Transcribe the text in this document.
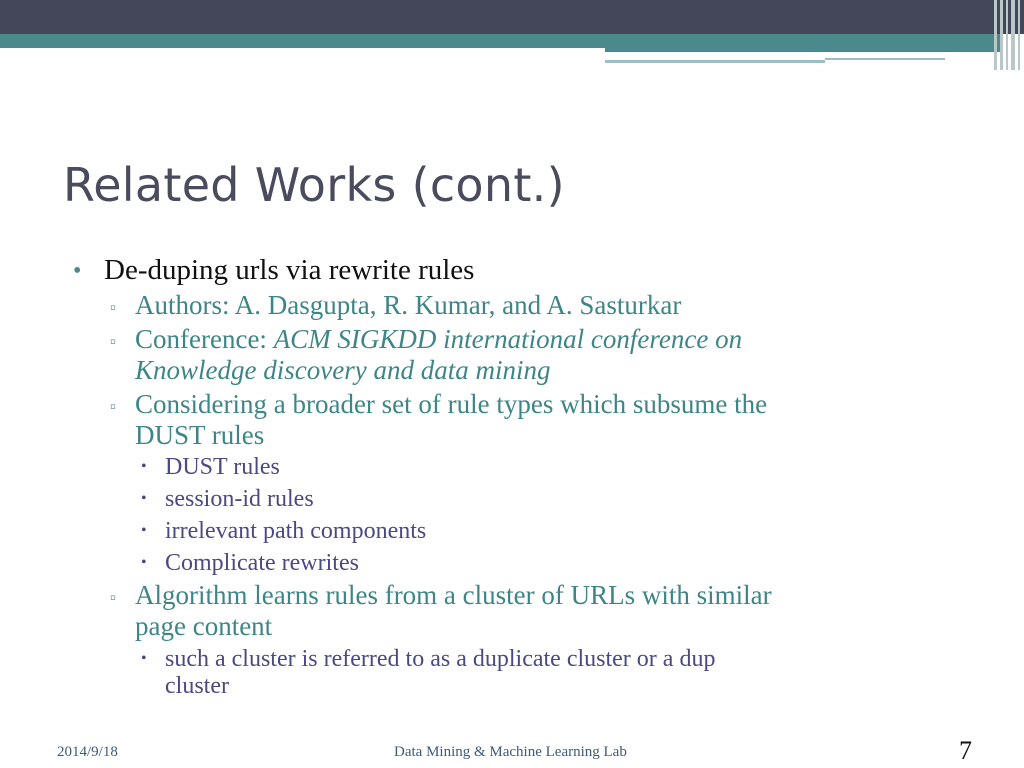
Related Works (cont.)
• De-duping urls via rewrite rules
▫ Authors: A. Dasgupta, R. Kumar, and A. Sasturkar
▫ Conference: ACM SIGKDD international conference on
Knowledge discovery and data mining
▫ Considering a broader set of rule types which subsume the
DUST rules
• DUST rules
• session-id rules
• irrelevant path components
• Complicate rewrites
▫ Algorithm learns rules from a cluster of URLs with similar
page content
• such a cluster is referred to as a duplicate cluster or a dup
cluster
2014/9/18	Data Mining & Machine Learning Lab	7
